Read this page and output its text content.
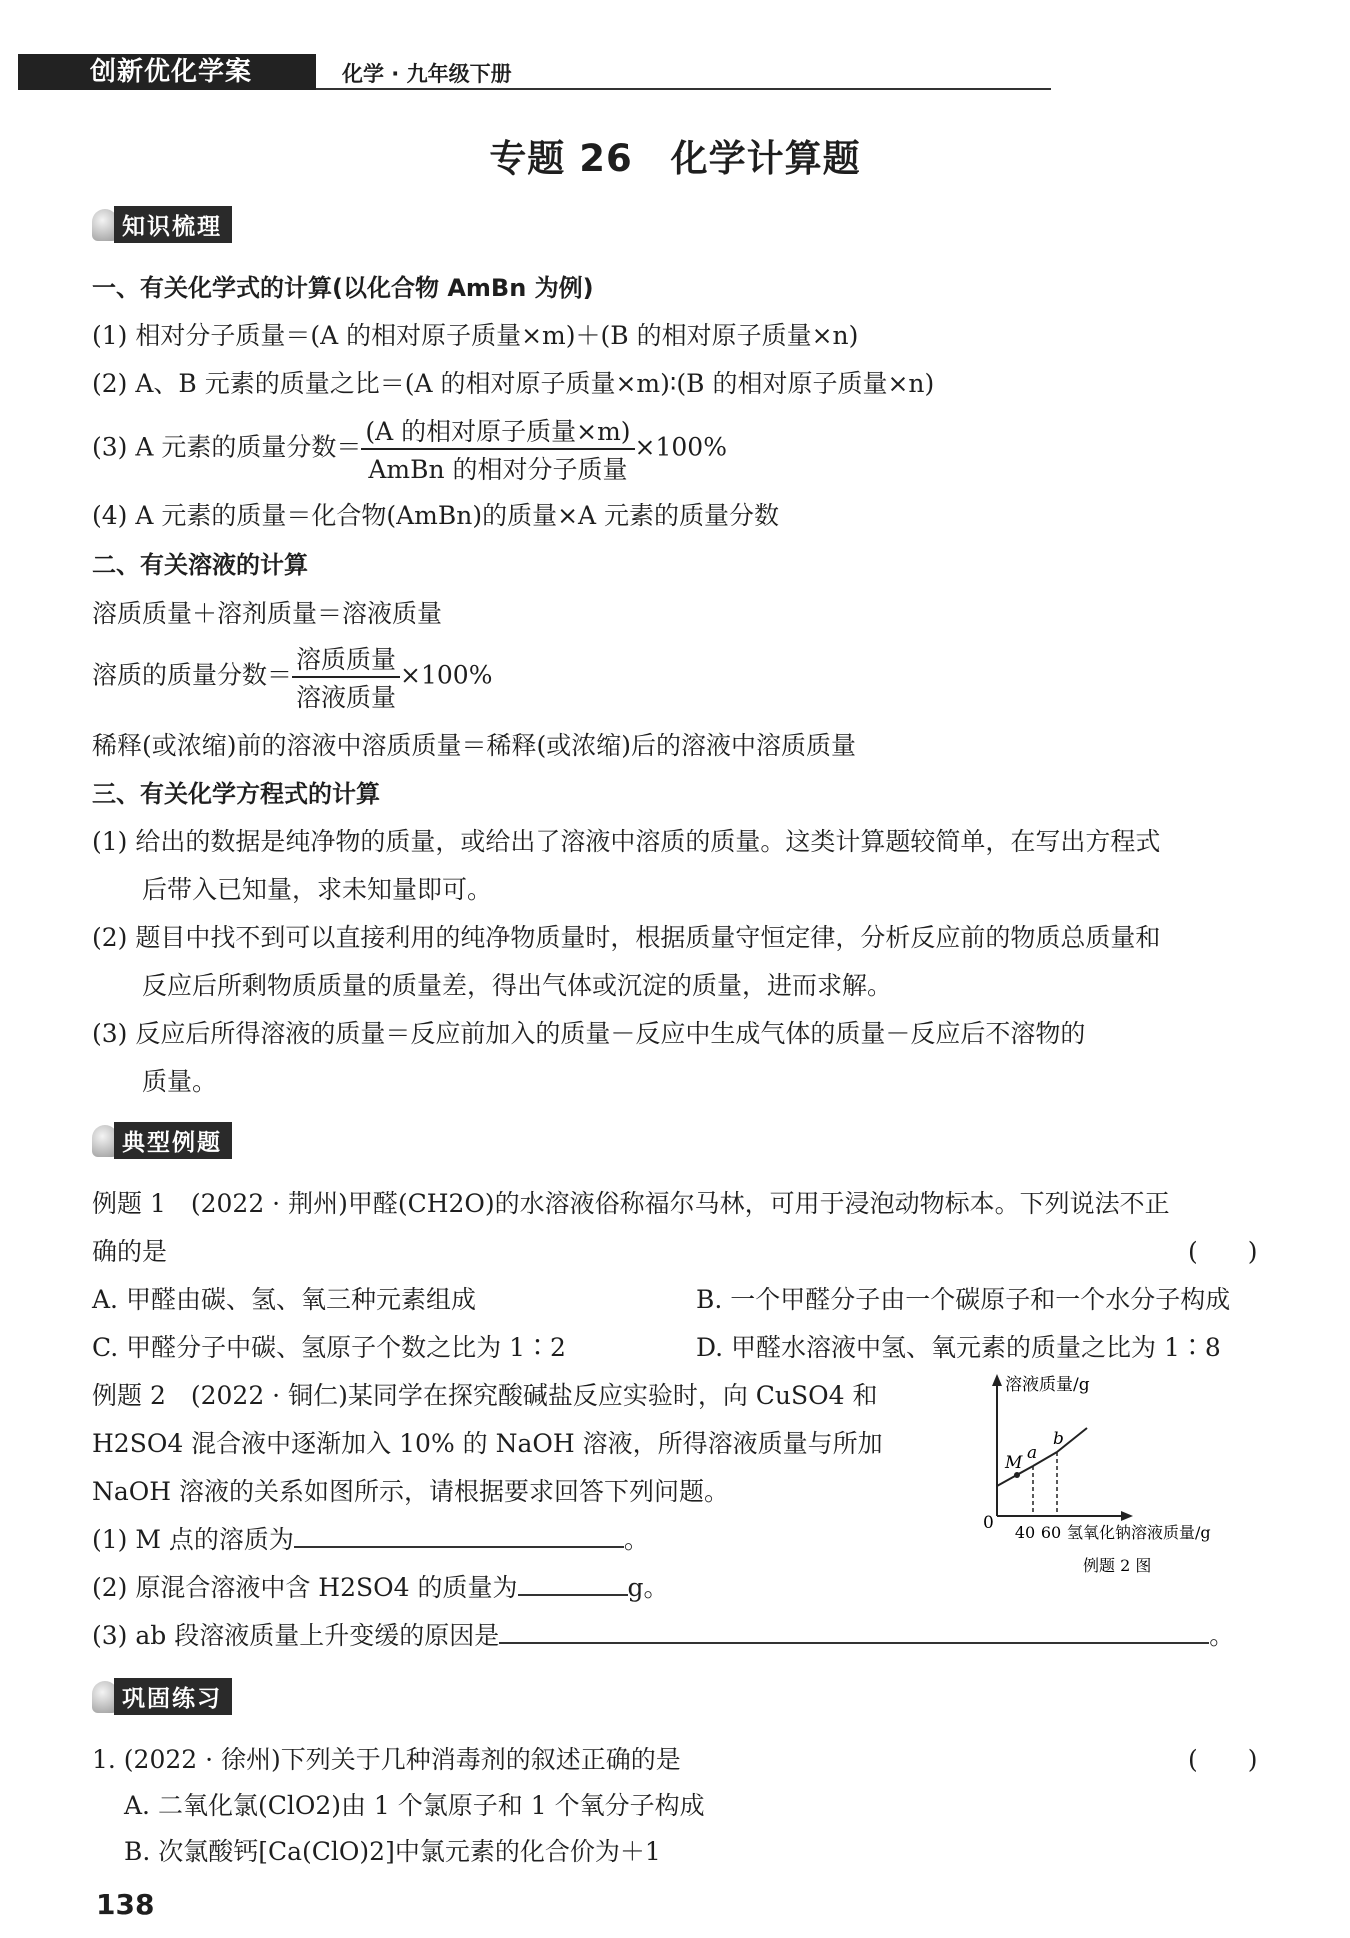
创新优化学案	化学 · 九年级下册
专题 26　化学计算题
知识梳理
一、有关化学式的计算(以化合物 AmBn 为例)
(1) 相对分子质量＝(A 的相对原子质量×m)＋(B 的相对原子质量×n)
(2) A、B 元素的质量之比＝(A 的相对原子质量×m)∶(B 的相对原子质量×n)
(3) A 元素的质量分数＝ $\frac{\text{(A 的相对原子质量×m)}}{\text{AmBn 的相对分子质量}} \times 100\%$
(4) A 元素的质量＝化合物(AmBn)的质量×A 元素的质量分数
二、有关溶液的计算
溶质质量＋溶剂质量＝溶液质量
溶质的质量分数＝ $\frac{\text{溶质质量}}{\text{溶液质量}} \times 100\%$
稀释(或浓缩)前的溶液中溶质质量＝稀释(或浓缩)后的溶液中溶质质量
三、有关化学方程式的计算
(1) 给出的数据是纯净物的质量，或给出了溶液中溶质的质量。这类计算题较简单，在写出方程式
后带入已知量，求未知量即可。
(2) 题目中找不到可以直接利用的纯净物质量时，根据质量守恒定律，分析反应前的物质总质量和
反应后所剩物质质量的质量差，得出气体或沉淀的质量，进而求解。
(3) 反应后所得溶液的质量＝反应前加入的质量－反应中生成气体的质量－反应后不溶物的
质量。
典型例题
例题 1　(2022 · 荆州)甲醛(CH2O)的水溶液俗称福尔马林，可用于浸泡动物标本。下列说法不正
确的是	(　　)
A. 甲醛由碳、氢、氧三种元素组成	B. 一个甲醛分子由一个碳原子和一个水分子构成
C. 甲醛分子中碳、氢原子个数之比为 1∶2	D. 甲醛水溶液中氢、氧元素的质量之比为 1∶8
例题 2　(2022 · 铜仁)某同学在探究酸碱盐反应实验时，向 CuSO4 和
H2SO4 混合液中逐渐加入 10% 的 NaOH 溶液，所得溶液质量与所加
NaOH 溶液的关系如图所示，请根据要求回答下列问题。
(1) M 点的溶质为	。
(2) 原混合溶液中含 H2SO4 的质量为	g。
(3) ab 段溶液质量上升变缓的原因是	。
溶液质量/g
0
M a
b
40 60 氢氧化钠溶液质量/g
例题 2 图
巩固练习
1. (2022 · 徐州)下列关于几种消毒剂的叙述正确的是	(　　)
A. 二氧化氯(ClO2)由 1 个氯原子和 1 个氧分子构成
B. 次氯酸钙[Ca(ClO)2]中氯元素的化合价为＋1
138
